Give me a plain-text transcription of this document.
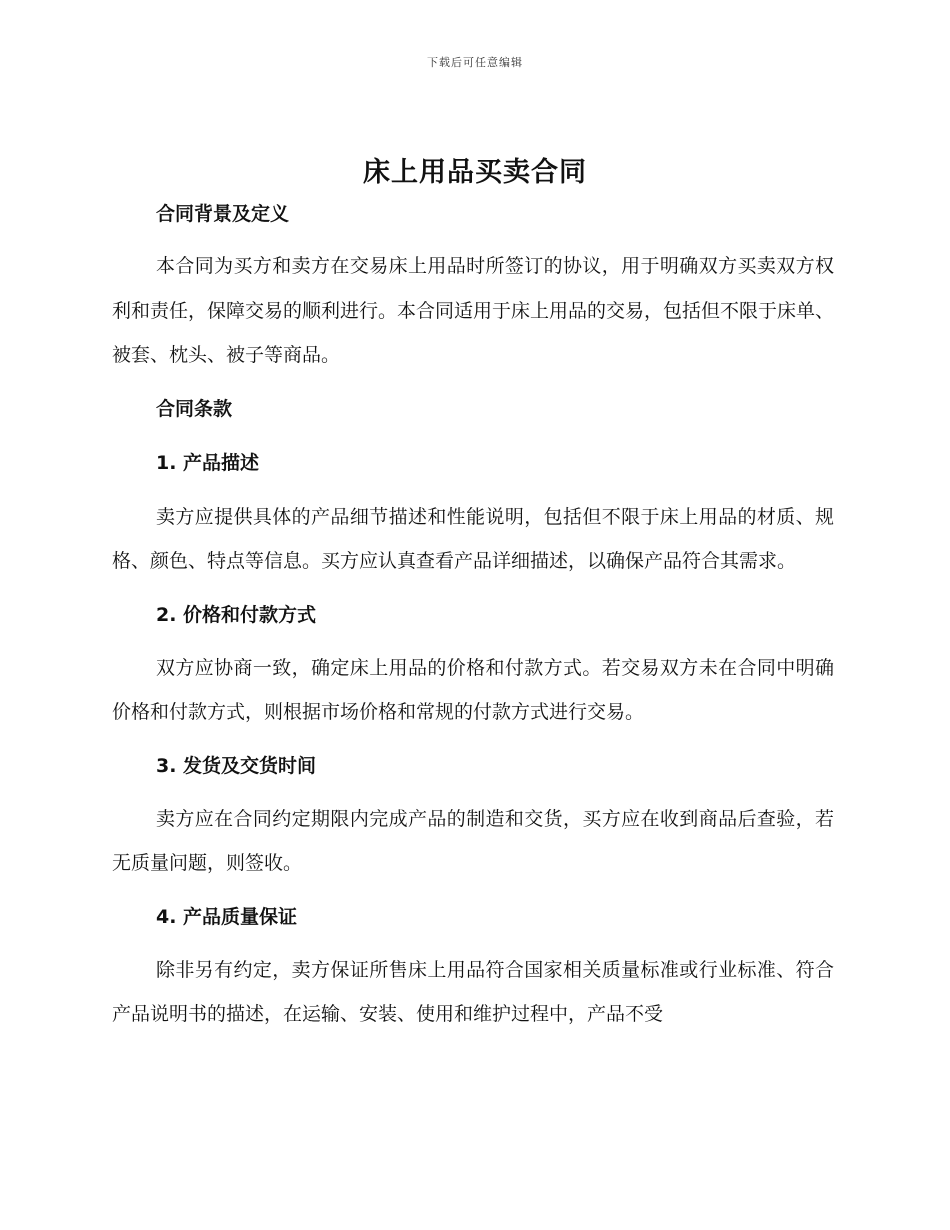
下载后可任意编辑
床上用品买卖合同
合同背景及定义

本合同为买方和卖方在交易床上用品时所签订的协议，用于明确双方买卖双方权利和责任，保障交易的顺利进行。本合同适用于床上用品的交易，包括但不限于床单、被套、枕头、被子等商品。

合同条款
1. 产品描述

卖方应提供具体的产品细节描述和性能说明，包括但不限于床上用品的材质、规格、颜色、特点等信息。买方应认真查看产品详细描述，以确保产品符合其需求。

2. 价格和付款方式

双方应协商一致，确定床上用品的价格和付款方式。若交易双方未在合同中明确价格和付款方式，则根据市场价格和常规的付款方式进行交易。

3. 发货及交货时间

卖方应在合同约定期限内完成产品的制造和交货，买方应在收到商品后查验，若无质量问题，则签收。

4. 产品质量保证

除非另有约定，卖方保证所售床上用品符合国家相关质量标准或行业标准、符合产品说明书的描述，在运输、安装、使用和维护过程中，产品不受
